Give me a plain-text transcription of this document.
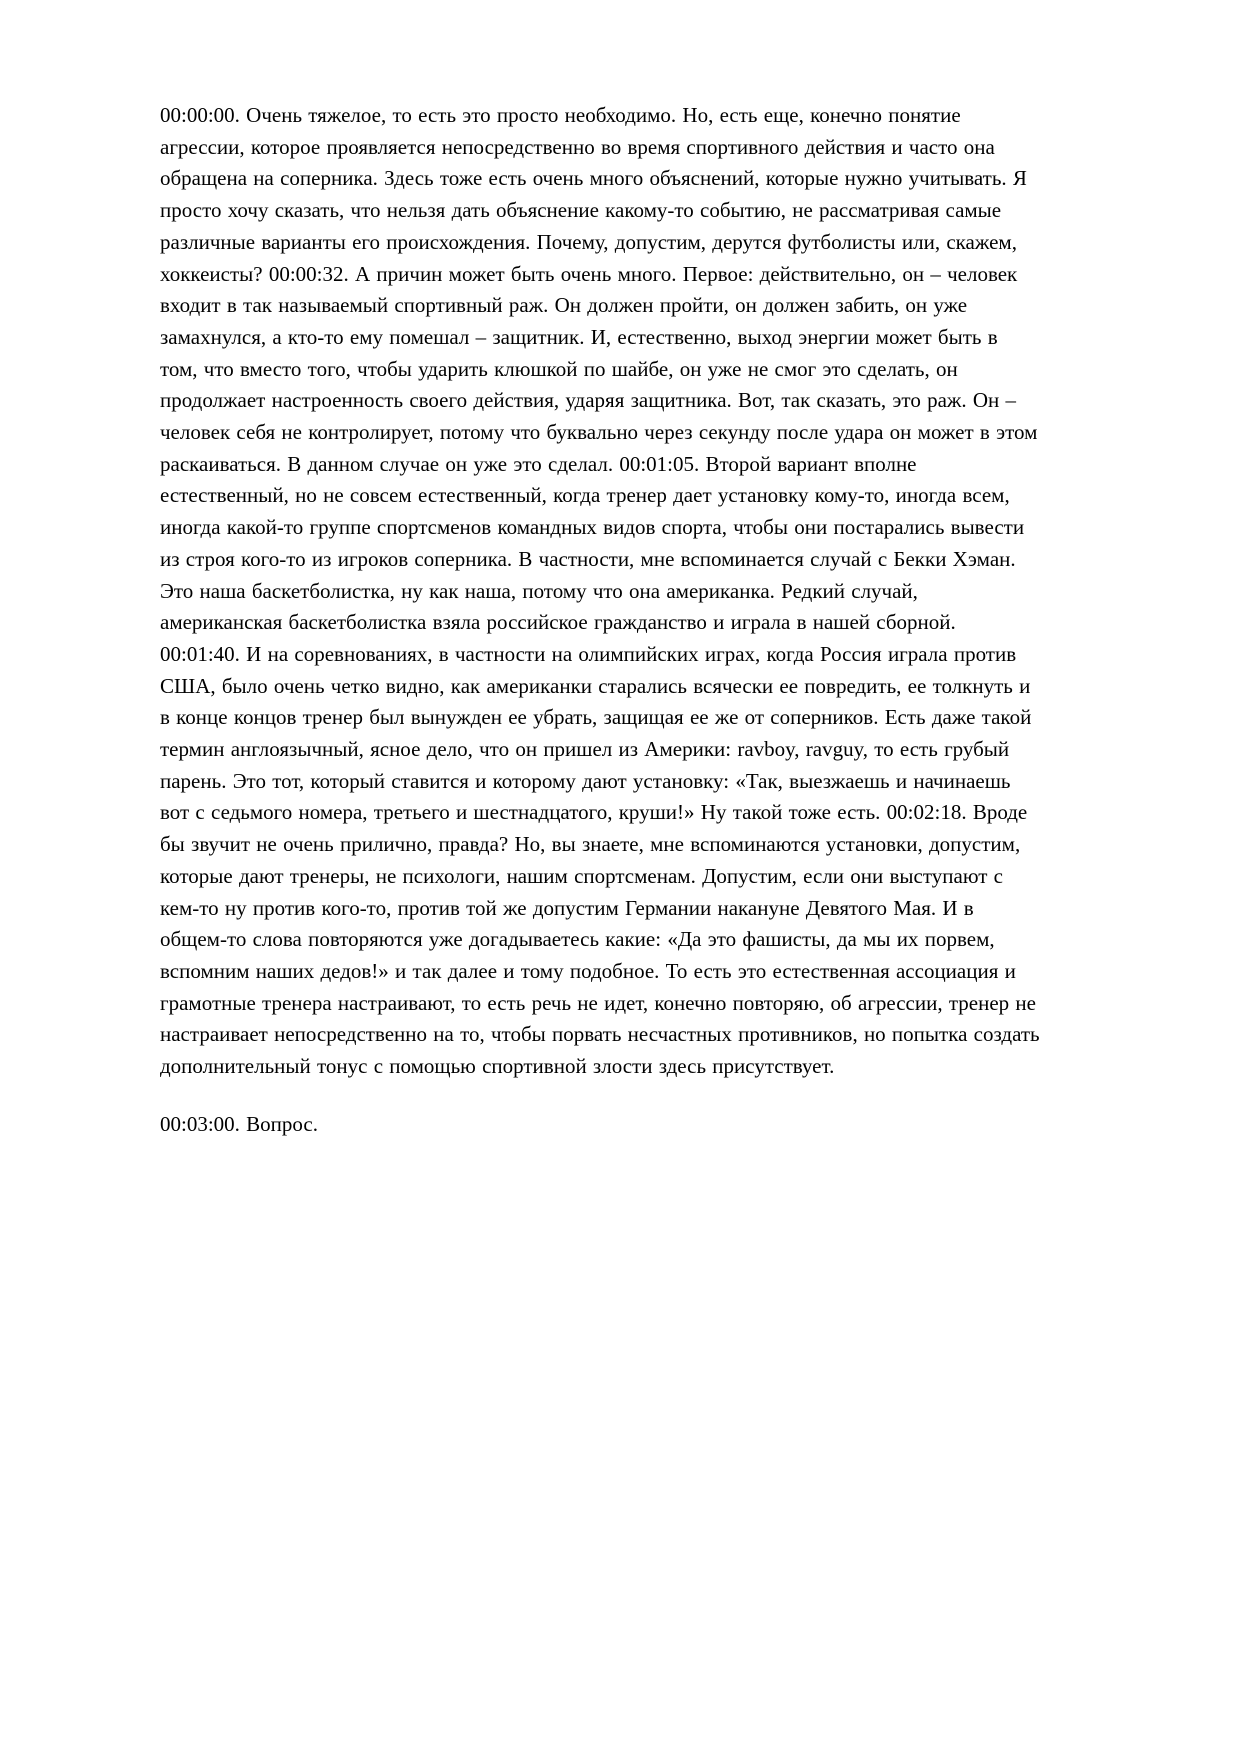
00:00:00. Очень тяжелое, то есть это просто необходимо. Но, есть еще, конечно понятие агрессии, которое проявляется непосредственно во время спортивного действия и часто она обращена на соперника. Здесь тоже есть очень много объяснений, которые нужно учитывать. Я просто хочу сказать, что нельзя дать объяснение какому-то событию, не рассматривая самые различные варианты его происхождения. Почему, допустим, дерутся футболисты или, скажем, хоккеисты? 00:00:32. А причин может быть очень много. Первое: действительно, он – человек входит в так называемый спортивный раж. Он должен пройти, он должен забить, он уже замахнулся, а кто-то ему помешал – защитник. И, естественно, выход энергии может быть в том, что вместо того, чтобы ударить клюшкой по шайбе, он уже не смог это сделать, он продолжает настроенность своего действия, ударяя защитника. Вот, так сказать, это раж. Он – человек себя не контролирует, потому что буквально через секунду после удара он может в этом раскаиваться. В данном случае он уже это сделал. 00:01:05. Второй вариант вполне естественный, но не совсем естественный, когда тренер дает установку кому-то, иногда всем, иногда какой-то группе спортсменов командных видов спорта, чтобы они постарались вывести из строя кого-то из игроков соперника. В частности, мне вспоминается случай с Бекки Хэман. Это наша баскетболистка, ну как наша, потому что она американка. Редкий случай, американская баскетболистка взяла российское гражданство и играла в нашей сборной. 00:01:40. И на соревнованиях, в частности на олимпийских играх, когда Россия играла против США, было очень четко видно, как американки старались всячески ее повредить, ее толкнуть и в конце концов тренер был вынужден ее убрать, защищая ее же от соперников. Есть даже такой термин англоязычный, ясное дело, что он пришел из Америки: ravboy, ravguy, то есть грубый парень. Это тот, который ставится и которому дают установку: «Так, выезжаешь и начинаешь вот с седьмого номера, третьего и шестнадцатого, круши!» Ну такой тоже есть. 00:02:18. Вроде бы звучит не очень прилично, правда? Но, вы знаете, мне вспоминаются установки, допустим, которые дают тренеры, не психологи, нашим спортсменам. Допустим, если они выступают с кем-то ну против кого-то, против той же допустим Германии накануне Девятого Мая. И в общем-то слова повторяются уже догадываетесь какие: «Да это фашисты, да мы их порвем, вспомним наших дедов!» и так далее и тому подобное. То есть это естественная ассоциация и грамотные тренера настраивают, то есть речь не идет, конечно повторяю, об агрессии, тренер не настраивает непосредственно на то, чтобы порвать несчастных противников, но попытка создать дополнительный тонус с помощью спортивной злости здесь присутствует.

00:03:00. Вопрос.
